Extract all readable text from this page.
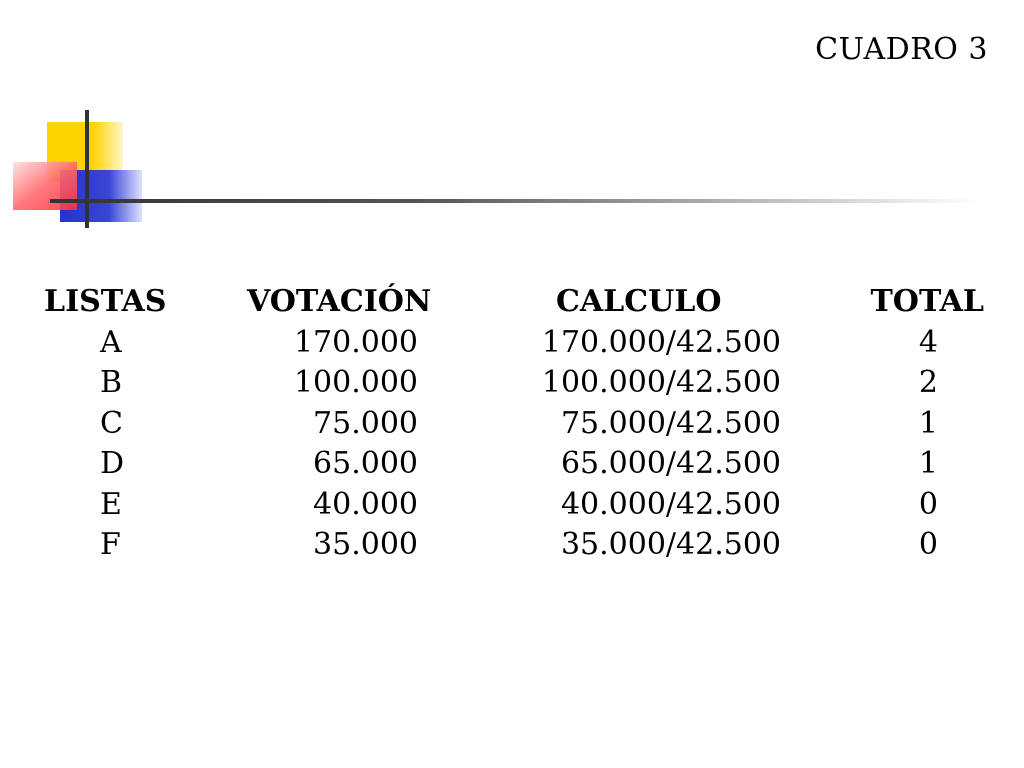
CUADRO 3
LISTAS	VOTACIÓN	CALCULO	TOTAL
A	170.000	170.000/42.500	4
B	100.000	100.000/42.500	2
C	75.000	75.000/42.500	1
D	65.000	65.000/42.500	1
E	40.000	40.000/42.500	0
F	35.000	35.000/42.500	0
